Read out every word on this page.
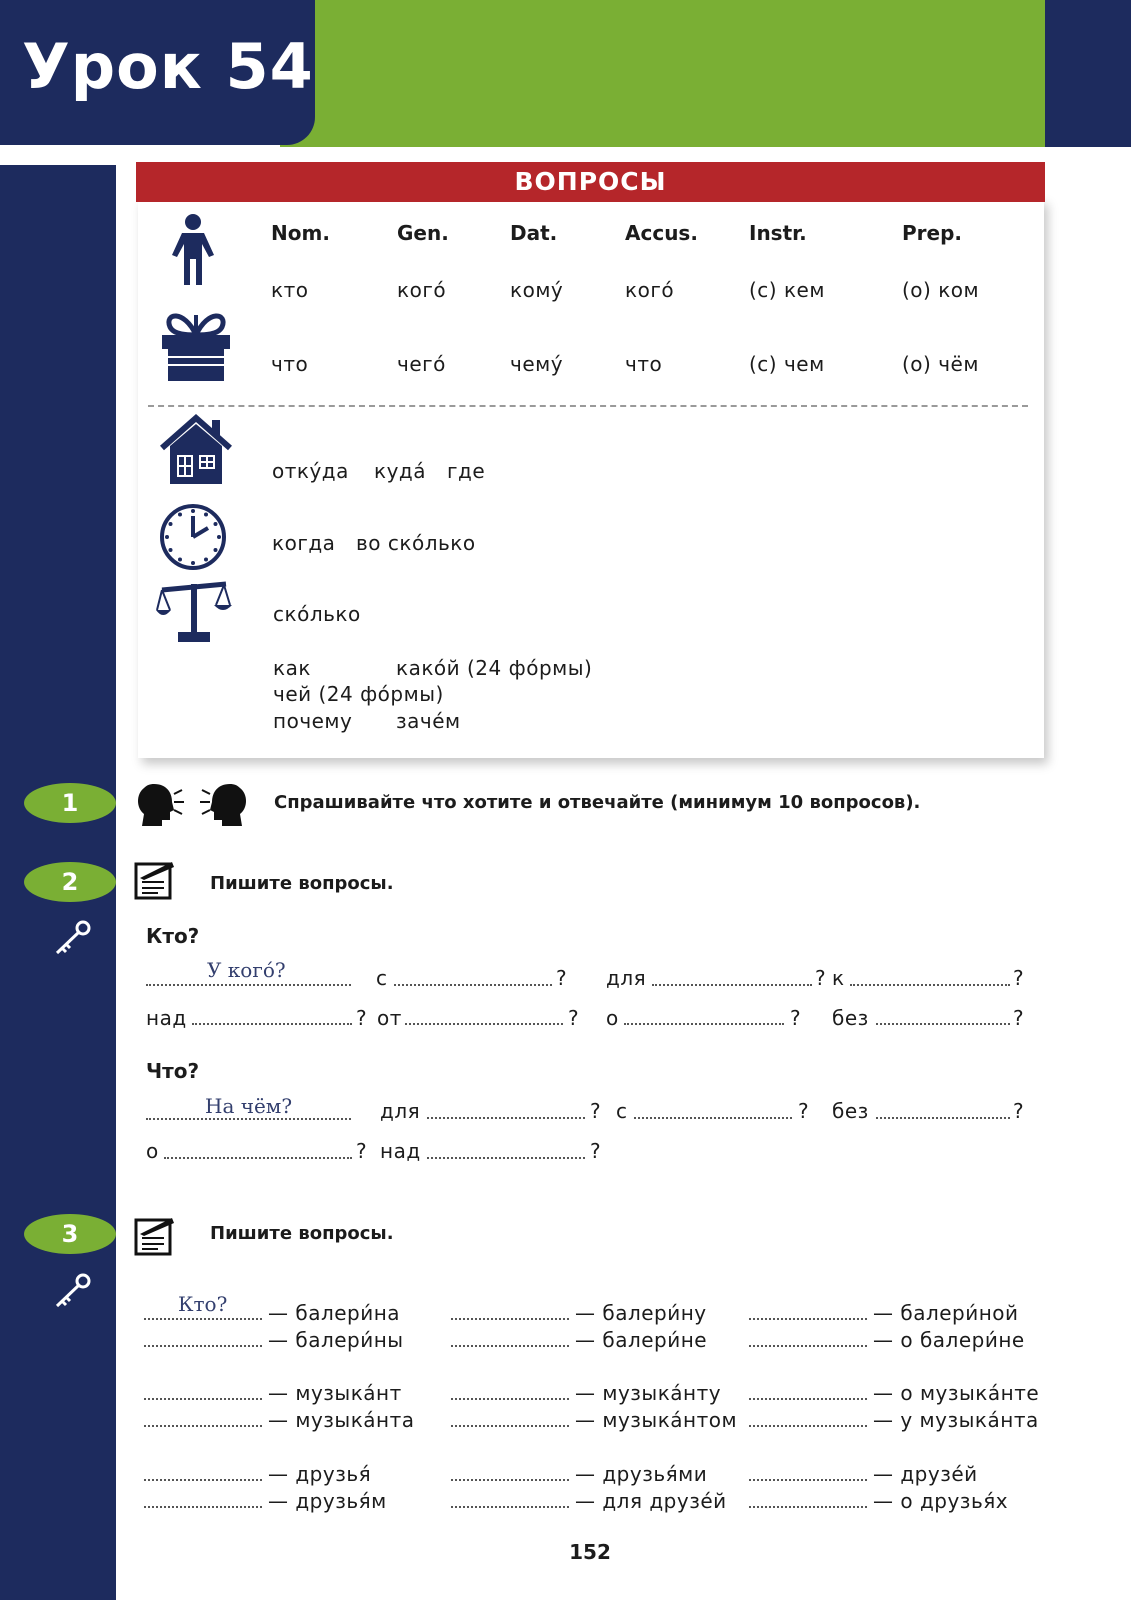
Урок 54
ВОПРОСЫ
Nom.	Gen.	Dat.	Accus.	Instr.	Prep.
кто	кого́	кому́	кого́	(с) кем	(о) ком
что	чего́	чему́	что	(с) чем	(о) чём
отку́да куда́ где
когда во ско́лько
ско́лько
как	како́й (24 фо́рмы)
чей (24 фо́рмы)
почему заче́м
1	Спрашивайте что хотите и отвечайте (минимум 10 вопросов).
2	Пишите вопросы.
Кто?
У кого́?	с	? для	? к	?
над	? от	? о	? без	?
Что?
На чём?	для	? с	? без	?
о	? над	?
3	Пишите вопросы.
Кто? — балери́на	— балери́ну	— балери́ной
— балери́ны	— балери́не	— о балери́не
— музыка́нт	— музыка́нту	— о музыка́нте
— музыка́нта	— музыка́нтом	— у музыка́нта
— друзья́	— друзья́ми	— друзе́й
— друзья́м	— для друзе́й	— о друзья́х
152
